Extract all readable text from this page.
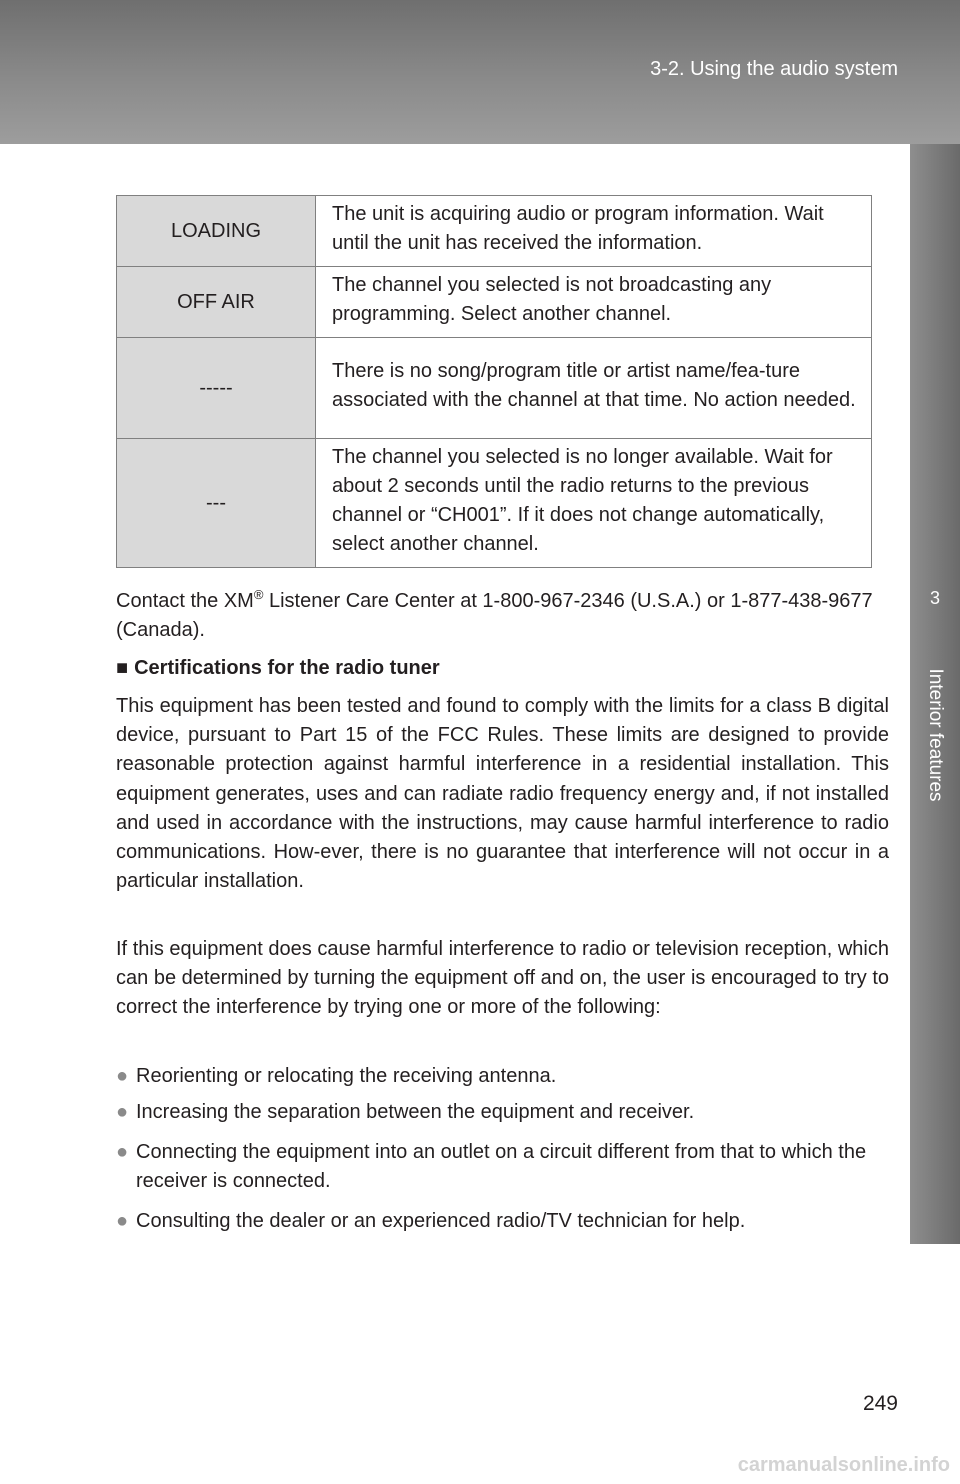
3-2. Using the audio system
3
Interior features
LOADING	The unit is acquiring audio or program information. Wait until the unit has received the information.
OFF AIR	The channel you selected is not broadcasting any programming. Select another channel.
-----	There is no song/program title or artist name/fea-ture associated with the channel at that time. No action needed.
---	The channel you selected is no longer available. Wait for about 2 seconds until the radio returns to the previous channel or “CH001”. If it does not change automatically, select another channel.
Contact the XM® Listener Care Center at 1-800-967-2346 (U.S.A.) or 1-877-438-9677 (Canada).
■ Certifications for the radio tuner
This equipment has been tested and found to comply with the limits for a class B digital device, pursuant to Part 15 of the FCC Rules. These limits are designed to provide reasonable protection against harmful interference in a residential installation. This equipment generates, uses and can radiate radio frequency energy and, if not installed and used in accordance with the instructions, may cause harmful interference to radio communications. How-ever, there is no guarantee that interference will not occur in a particular installation.
If this equipment does cause harmful interference to radio or television reception, which can be determined by turning the equipment off and on, the user is encouraged to try to correct the interference by trying one or more of the following:
● Reorienting or relocating the receiving antenna.
● Increasing the separation between the equipment and receiver.
● Connecting the equipment into an outlet on a circuit different from that to which the receiver is connected.
● Consulting the dealer or an experienced radio/TV technician for help.
249
carmanualsonline.info
